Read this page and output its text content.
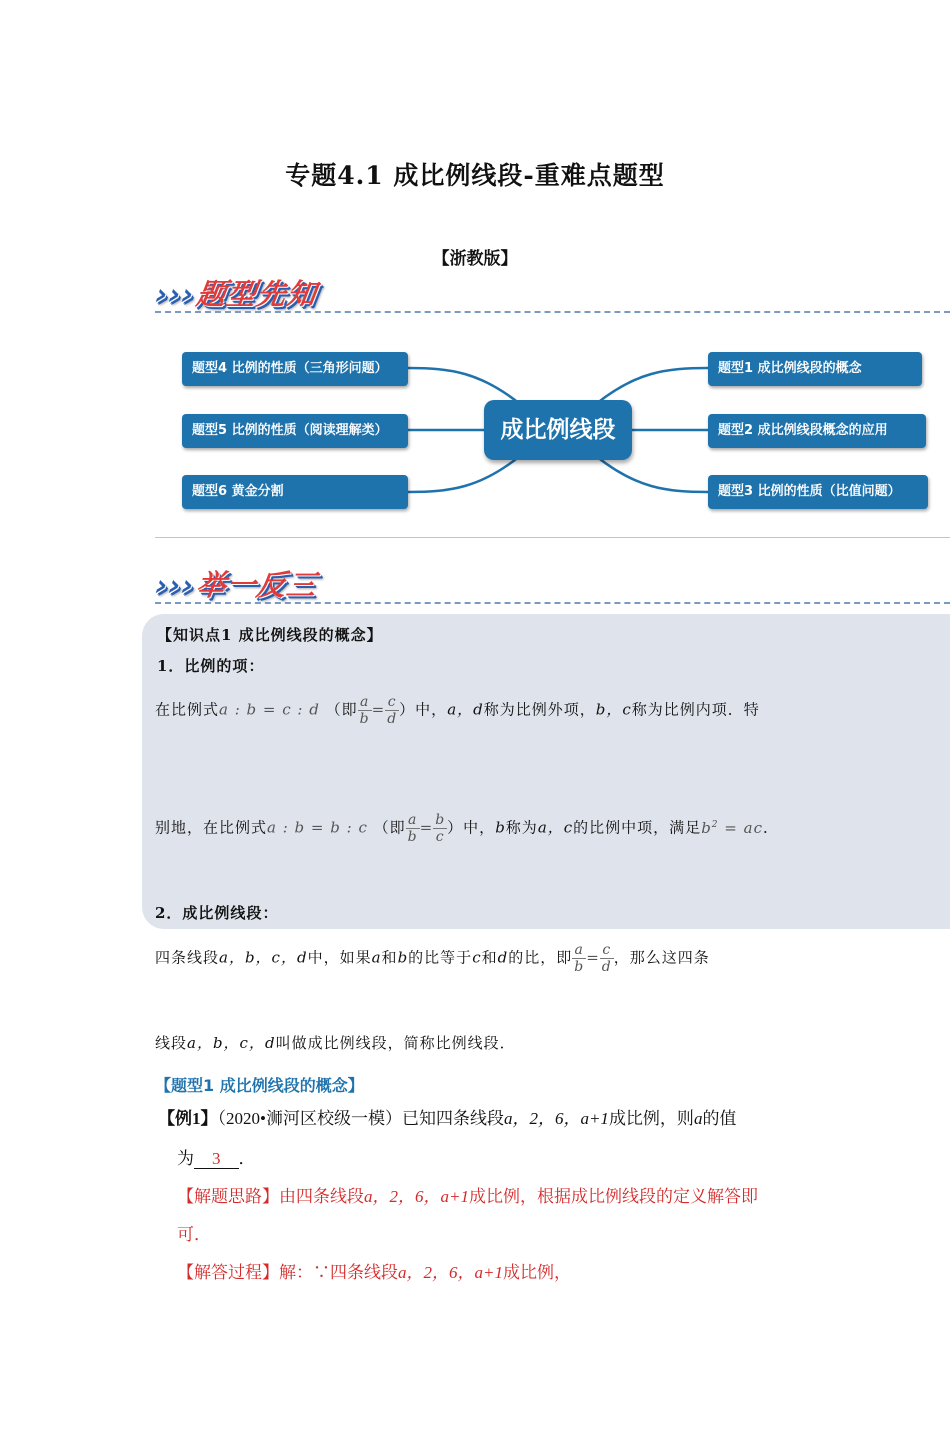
专题4.1 成比例线段-重难点题型
【浙教版】
›››题型先知
题型4 比例的性质（三角形问题）
题型5 比例的性质（阅读理解类）
题型6 黄金分割
成比例线段
题型1 成比例线段的概念
题型2 成比例线段概念的应用
题型3 比例的性质（比值问题）
›››举一反三
【知识点1 成比例线段的概念】
1．比例的项：
在比例式a : b = c : d （即 $\frac{a}{b} = \frac{c}{d}$ ）中，a，d称为比例外项，b，c称为比例内项．特
别地，在比例式a : b = b : c （即 $\frac{a}{b} = \frac{b}{c}$ ）中，b称为a，c的比例中项，满足$b^2$ = ac．
2．成比例线段：
四条线段a，b，c，d中，如果a和b的比等于c和d的比，即 $\frac{a}{b} = \frac{c}{d}$ ，那么这四条
线段a，b，c，d叫做成比例线段，简称比例线段．
【题型1 成比例线段的概念】
【例1】（2020•浉河区校级一模）已知四条线段a，2，6，a+1成比例，则a的值
为 3 ．
【解题思路】由四条线段a，2，6，a+1成比例，根据成比例线段的定义解答即
可．
【解答过程】解：∵四条线段a，2，6，a+1成比例，
